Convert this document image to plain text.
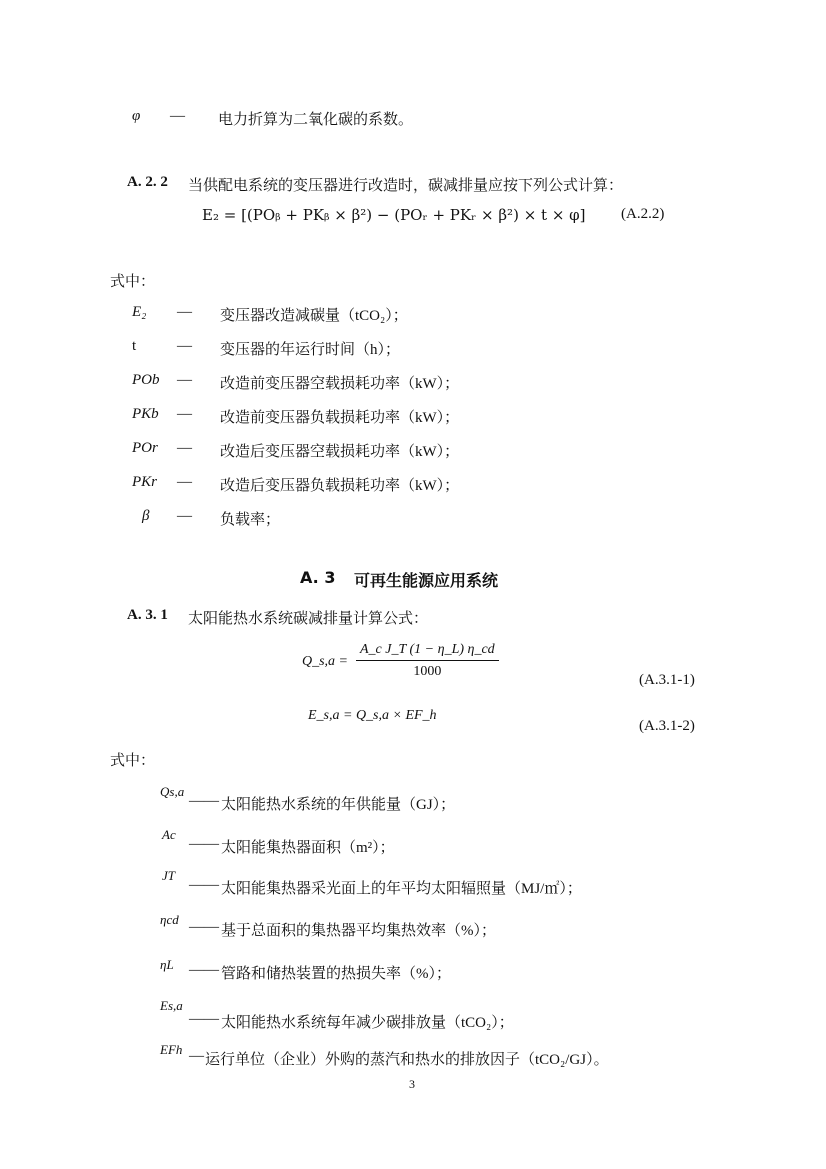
φ — 电力折算为二氧化碳的系数。
A. 2. 2 当供配电系统的变压器进行改造时，碳减排量应按下列公式计算：
E₂ = [(POᵦ + PKᵦ × β²) − (POᵣ + PKᵣ × β²) × t × φ] (A.2.2)
式中：
E₂ — 变压器改造减碳量（tCO₂）；
t	— 变压器的年运行时间（h）；
POb — 改造前变压器空载损耗功率（kW）；
PKb — 改造前变压器负载损耗功率（kW）；
POr — 改造后变压器空载损耗功率（kW）；
PKr — 改造后变压器负载损耗功率（kW）；
β — 负载率；
A. 3 可再生能源应用系统
A. 3. 1 太阳能热水系统碳减排量计算公式：
Q_s,a = $\frac{\text{A\_c J\_T (1 − η\_L) η\_cd}}{1000}$	(A.3.1-1)
E_s,a = Q_s,a × EF_h
(A.3.1-2)
式中：
Qs,a
—— 太阳能热水系统的年供能量（GJ）；
Ac
—— 太阳能集热器面积（m²）；
JT
—— 太阳能集热器采光面上的年平均太阳辐照量（MJ/㎡）；
ηcd —— 基于总面积的集热器平均集热效率（%）；
ηL —— 管路和储热装置的热损失率（%）；
Es,a
—— 太阳能热水系统每年减少碳排放量（tCO₂）；
EFh — 运行单位（企业）外购的蒸汽和热水的排放因子（tCO₂/GJ）。
3
